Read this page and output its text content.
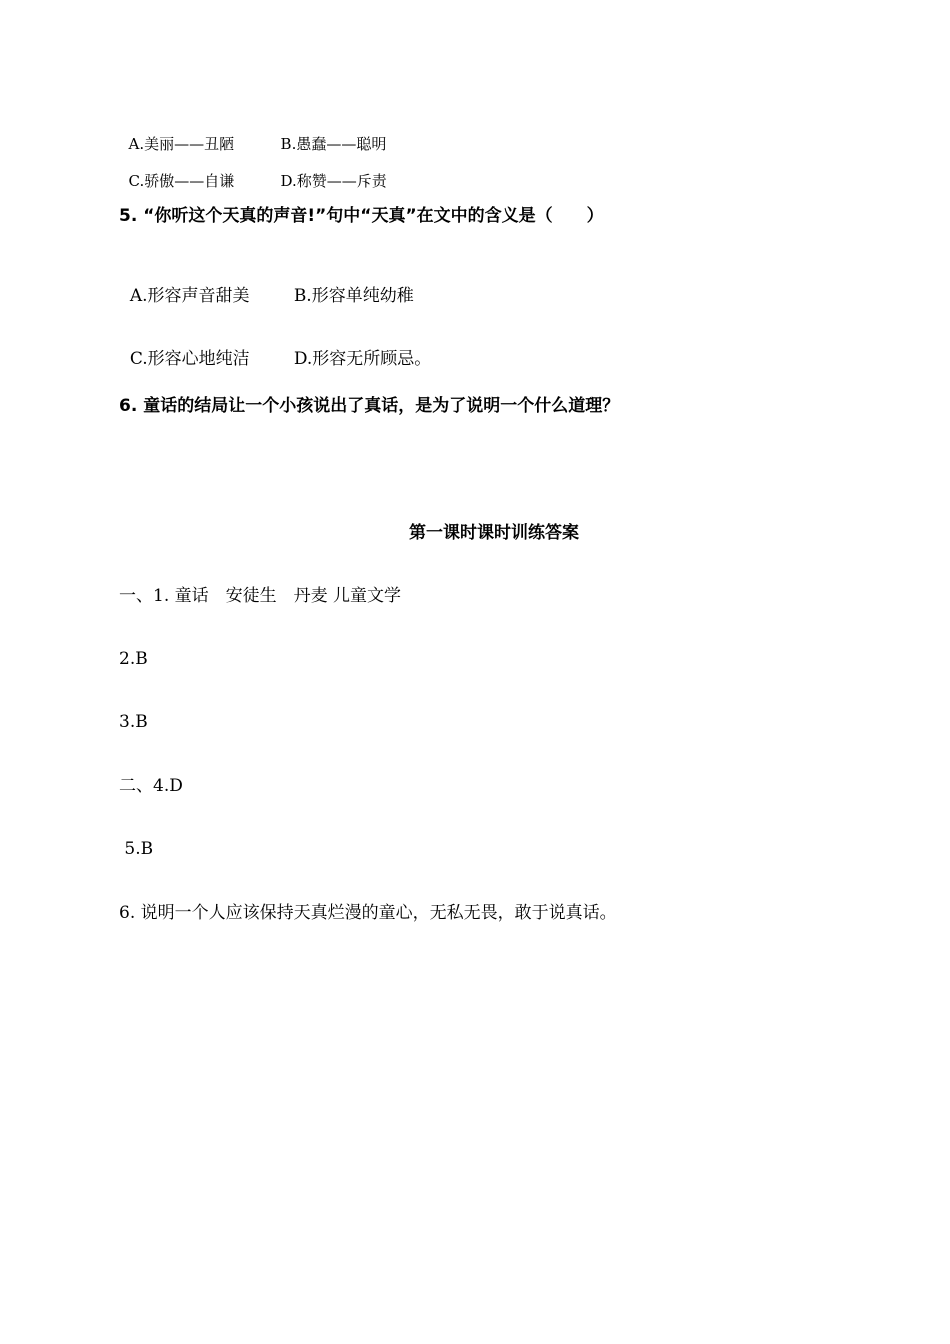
A.美丽——丑陋	B.愚蠢——聪明

C.骄傲——自谦	D.称赞——斥责

5. “你听这个天真的声音!”句中“天真”在文中的含义是（　　）

A.形容声音甜美	B.形容单纯幼稚

C.形容心地纯洁	D.形容无所顾忌。

6. 童话的结局让一个小孩说出了真话，是为了说明一个什么道理？
第一课时课时训练答案
一、1. 童话　安徒生　丹麦 儿童文学
2.B
3.B
二、4.D
5.B
6. 说明一个人应该保持天真烂漫的童心，无私无畏，敢于说真话。
